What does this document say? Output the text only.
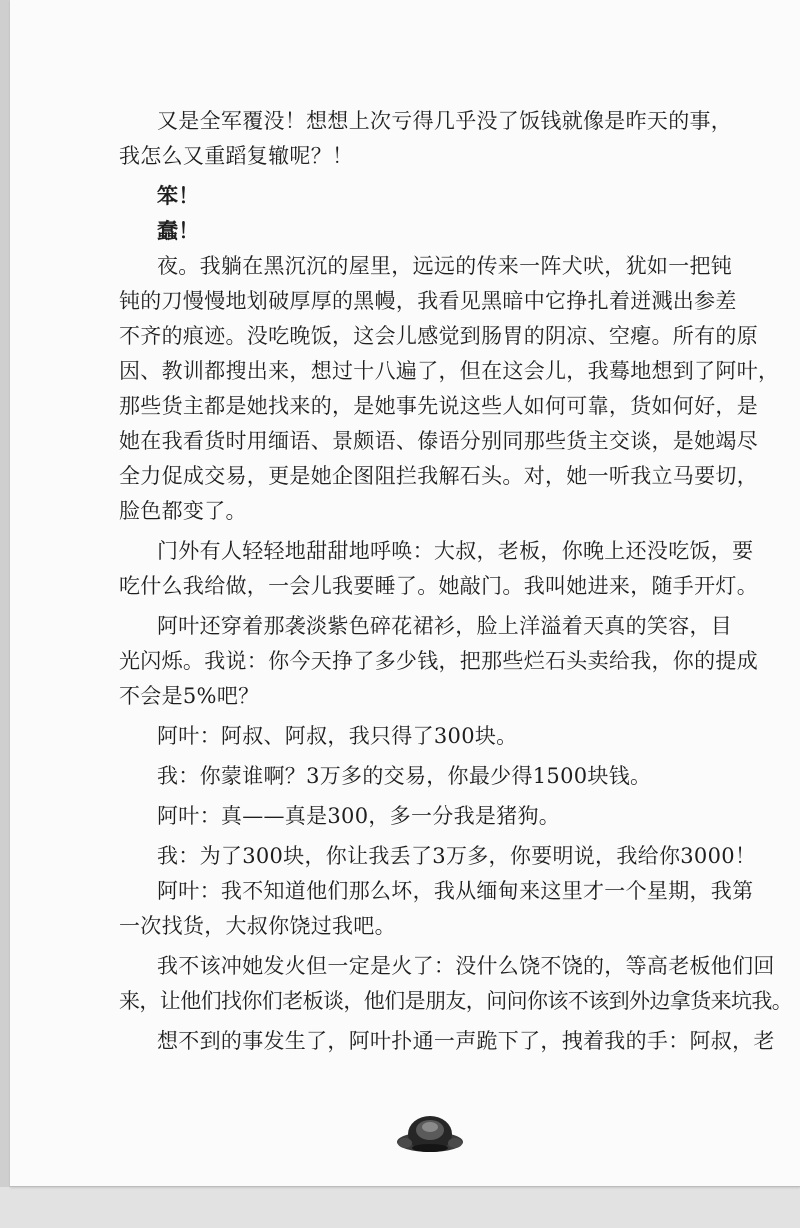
又是全军覆没！想想上次亏得几乎没了饭钱就像是昨天的事，
我怎么又重蹈复辙呢？！
笨！
蠢！
夜。我躺在黑沉沉的屋里，远远的传来一阵犬吠，犹如一把钝
钝的刀慢慢地划破厚厚的黑幔，我看见黑暗中它挣扎着迸溅出参差
不齐的痕迹。没吃晚饭，这会儿感觉到肠胃的阴凉、空瘪。所有的原
因、教训都搜出来，想过十八遍了，但在这会儿，我蓦地想到了阿叶，
那些货主都是她找来的，是她事先说这些人如何可靠，货如何好，是
她在我看货时用缅语、景颇语、傣语分别同那些货主交谈，是她竭尽
全力促成交易，更是她企图阻拦我解石头。对，她一听我立马要切，
脸色都变了。
门外有人轻轻地甜甜地呼唤：大叔，老板，你晚上还没吃饭，要
吃什么我给做，一会儿我要睡了。她敲门。我叫她进来，随手开灯。
阿叶还穿着那袭淡紫色碎花裙衫，脸上洋溢着天真的笑容，目
光闪烁。我说：你今天挣了多少钱，把那些烂石头卖给我，你的提成
不会是5%吧？
阿叶：阿叔、阿叔，我只得了300块。
我：你蒙谁啊？3万多的交易，你最少得1500块钱。
阿叶：真——真是300，多一分我是猪狗。
我：为了300块，你让我丢了3万多，你要明说，我给你3000！
阿叶：我不知道他们那么坏，我从缅甸来这里才一个星期，我第
一次找货，大叔你饶过我吧。
我不该冲她发火但一定是火了：没什么饶不饶的，等高老板他们回
来，让他们找你们老板谈，他们是朋友，问问你该不该到外边拿货来坑我。
想不到的事发生了，阿叶扑通一声跪下了，拽着我的手：阿叔，老
